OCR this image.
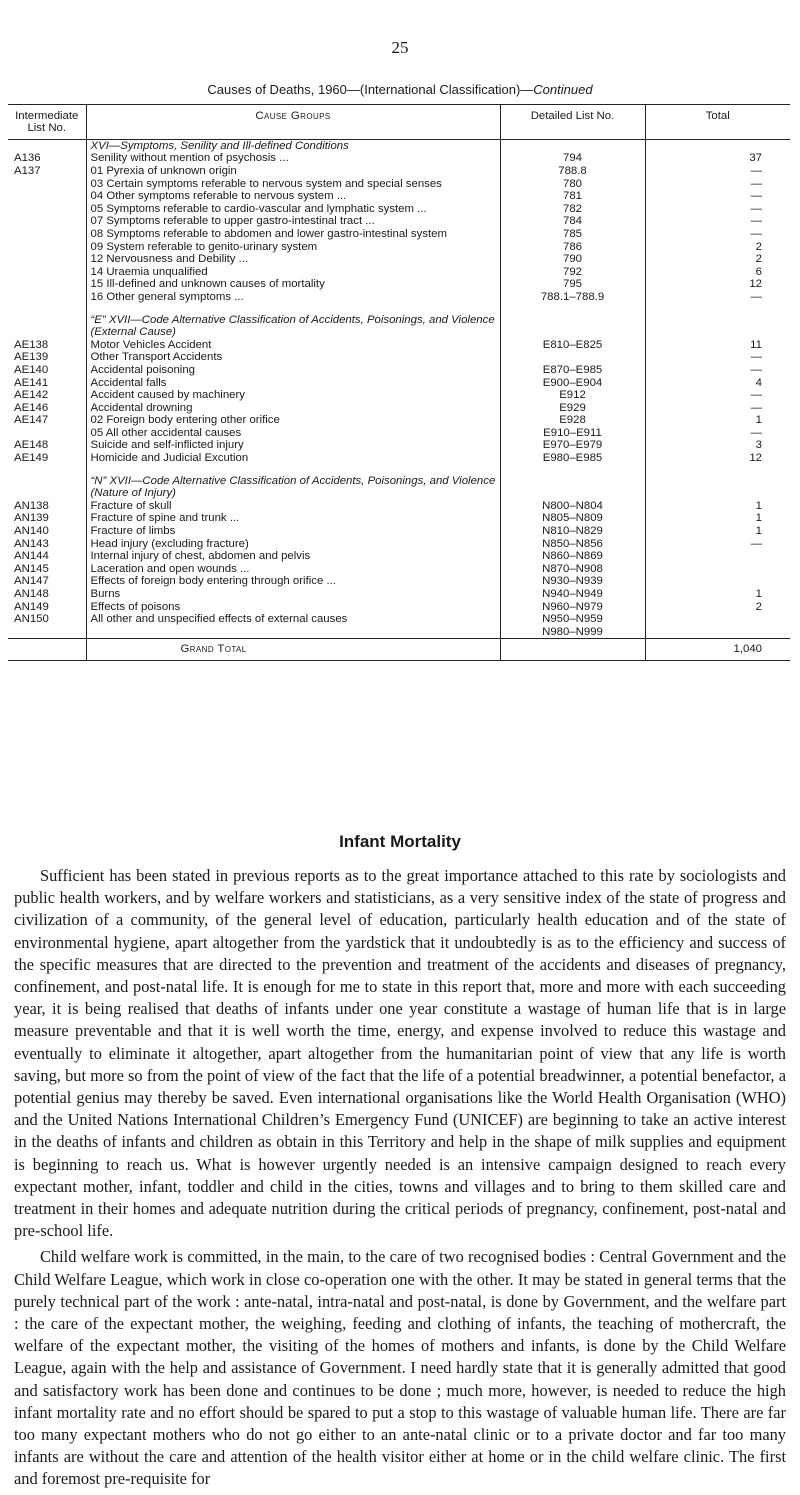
25
Causes of Deaths, 1960—(International Classification)—Continued
Intermediate List No.	Cause Groups	Detailed List No.	Total
	XVI—Symptoms, Senility and Ill-defined Conditions		
A136	Senility without mention of psychosis ...	794	37
A137	01 Pyrexia of unknown origin	788.8	—
	03 Certain symptoms referable to nervous system and special senses	780	—
	04 Other symptoms referable to nervous system ...	781	—
	05 Symptoms referable to cardio-vascular and lymphatic system ...	782	—
	07 Symptoms referable to upper gastro-intestinal tract ...	784	—
	08 Symptoms referable to abdomen and lower gastro-intestinal system	785	—
	09 System referable to genito-urinary system	786	2
	12 Nervousness and Debility ...	790	2
	14 Uraemia unqualified	792	6
	15 Ill-defined and unknown causes of mortality	795	12
	16 Other general symptoms ...	788.1–788.9	—

	“E” XVII—Code Alternative Classification of Accidents, Poisonings, and Violence (External Cause)		
AE138	Motor Vehicles Accident	E810–E825	11
AE139	Other Transport Accidents		—
AE140	Accidental poisoning	E870–E985	—
AE141	Accidental falls	E900–E904	4
AE142	Accident caused by machinery	E912	—
AE146	Accidental drowning	E929	—
AE147	02 Foreign body entering other orifice	E928	1
	05 All other accidental causes	E910–E911	—
AE148	Suicide and self-inflicted injury	E970–E979	3
AE149	Homicide and Judicial Excution	E980–E985	12

	“N” XVII—Code Alternative Classification of Accidents, Poisonings, and Violence (Nature of Injury)		
AN138	Fracture of skull	N800–N804	1
AN139	Fracture of spine and trunk ...	N805–N809	1
AN140	Fracture of limbs	N810–N829	1
AN143	Head injury (excluding fracture)	N850–N856	—
AN144	Internal injury of chest, abdomen and pelvis	N860–N869	
AN145	Laceration and open wounds ...	N870–N908	
AN147	Effects of foreign body entering through orifice ...	N930–N939	
AN148	Burns	N940–N949	1
AN149	Effects of poisons	N960–N979	2
AN150	All other and unspecified effects of external causes	N950–N959	
		N980–N999	
	Grand Total		1,040
Infant Mortality

Sufficient has been stated in previous reports as to the great importance attached to this rate by sociologists and public health workers, and by welfare workers and statisticians, as a very sensitive index of the state of progress and civilization of a community, of the general level of education, particularly health education and of the state of environmental hygiene, apart altogether from the yardstick that it undoubtedly is as to the efficiency and success of the specific measures that are directed to the prevention and treatment of the accidents and diseases of pregnancy, confinement, and post-natal life. It is enough for me to state in this report that, more and more with each succeeding year, it is being realised that deaths of infants under one year constitute a wastage of human life that is in large measure preventable and that it is well worth the time, energy, and expense involved to reduce this wastage and eventually to eliminate it altogether, apart altogether from the humanitarian point of view that any life is worth saving, but more so from the point of view of the fact that the life of a potential breadwinner, a potential benefactor, a potential genius may thereby be saved. Even international organisations like the World Health Organisation (WHO) and the United Nations International Children’s Emergency Fund (UNICEF) are beginning to take an active interest in the deaths of infants and children as obtain in this Territory and help in the shape of milk supplies and equipment is beginning to reach us. What is however urgently needed is an intensive campaign designed to reach every expectant mother, infant, toddler and child in the cities, towns and villages and to bring to them skilled care and treatment in their homes and adequate nutrition during the critical periods of pregnancy, confinement, post-natal and pre-school life.

Child welfare work is committed, in the main, to the care of two recognised bodies : Central Government and the Child Welfare League, which work in close co-operation one with the other. It may be stated in general terms that the purely technical part of the work : ante-natal, intra-natal and post-natal, is done by Government, and the welfare part : the care of the expectant mother, the weighing, feeding and clothing of infants, the teaching of mothercraft, the welfare of the expectant mother, the visiting of the homes of mothers and infants, is done by the Child Welfare League, again with the help and assistance of Government. I need hardly state that it is generally admitted that good and satisfactory work has been done and continues to be done ; much more, however, is needed to reduce the high infant mortality rate and no effort should be spared to put a stop to this wastage of valuable human life. There are far too many expectant mothers who do not go either to an ante-natal clinic or to a private doctor and far too many infants are without the care and attention of the health visitor either at home or in the child welfare clinic. The first and foremost pre-requisite for
